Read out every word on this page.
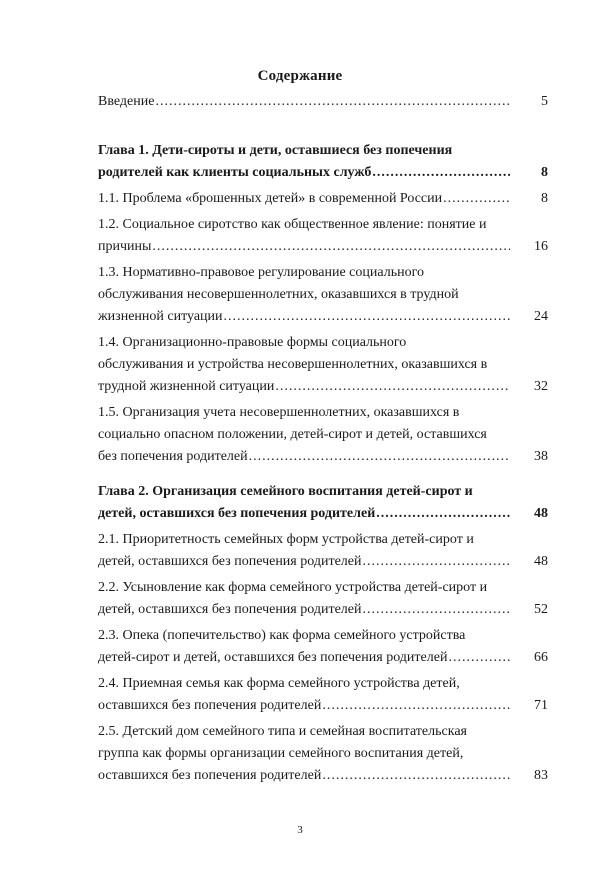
Содержание
Введение .....	5
Глава 1. Дети-сироты и дети, оставшиеся без попечения
родителей как клиенты социальных служб .....	8
1.1. Проблема «брошенных детей» в современной России .....	8
1.2. Социальное сиротство как общественное явление: понятие и
причины .....	16
1.3. Нормативно-правовое регулирование социального
обслуживания несовершеннолетних, оказавшихся в трудной
жизненной ситуации .....	24
1.4. Организационно-правовые формы социального
обслуживания и устройства несовершеннолетних, оказавшихся в
трудной жизненной ситуации .....	32
1.5. Организация учета несовершеннолетних, оказавшихся в
социально опасном положении, детей-сирот и детей, оставшихся
без попечения родителей .....	38
Глава 2. Организация семейного воспитания детей-сирот и
детей, оставшихся без попечения родителей .....	48
2.1. Приоритетность семейных форм устройства детей-сирот и
детей, оставшихся без попечения родителей .....	48
2.2. Усыновление как форма семейного устройства детей-сирот и
детей, оставшихся без попечения родителей .....	52
2.3. Опека (попечительство) как форма семейного устройства
детей-сирот и детей, оставшихся без попечения родителей .....	66
2.4. Приемная семья как форма семейного устройства детей,
оставшихся без попечения родителей .....	71
2.5. Детский дом семейного типа и семейная воспитательская
группа как формы организации семейного воспитания детей,
оставшихся без попечения родителей .....	83
3
